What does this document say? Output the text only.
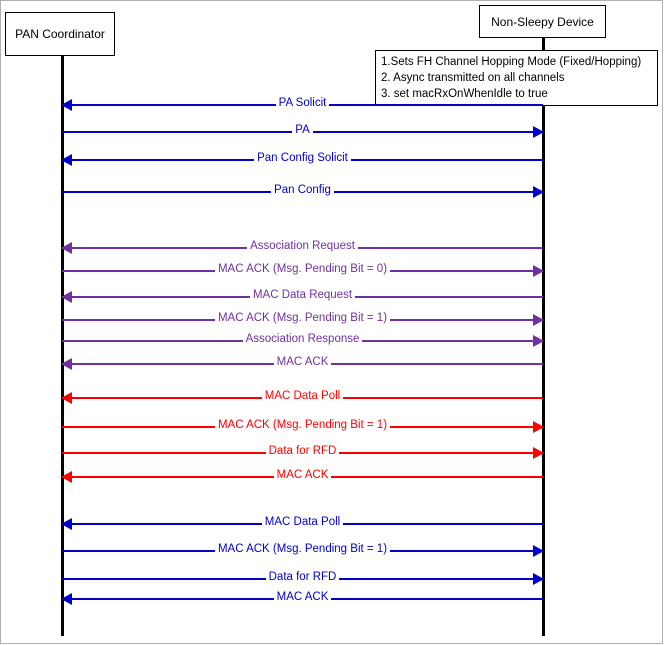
PAN Coordinator
Non-Sleepy Device
1.Sets FH Channel Hopping Mode (Fixed/Hopping)
2. Async transmitted on all channels
3. set macRxOnWhenIdle to true
PA Solicit
PA
Pan Config Solicit
Pan Config
Association Request
MAC ACK (Msg. Pending Bit = 0)
MAC Data Request
MAC ACK (Msg. Pending Bit = 1)
Association Response
MAC ACK
MAC Data Poll
MAC ACK (Msg. Pending Bit = 1)
Data for RFD
MAC ACK
MAC Data Poll
MAC ACK (Msg. Pending Bit = 1)
Data for RFD
MAC ACK
